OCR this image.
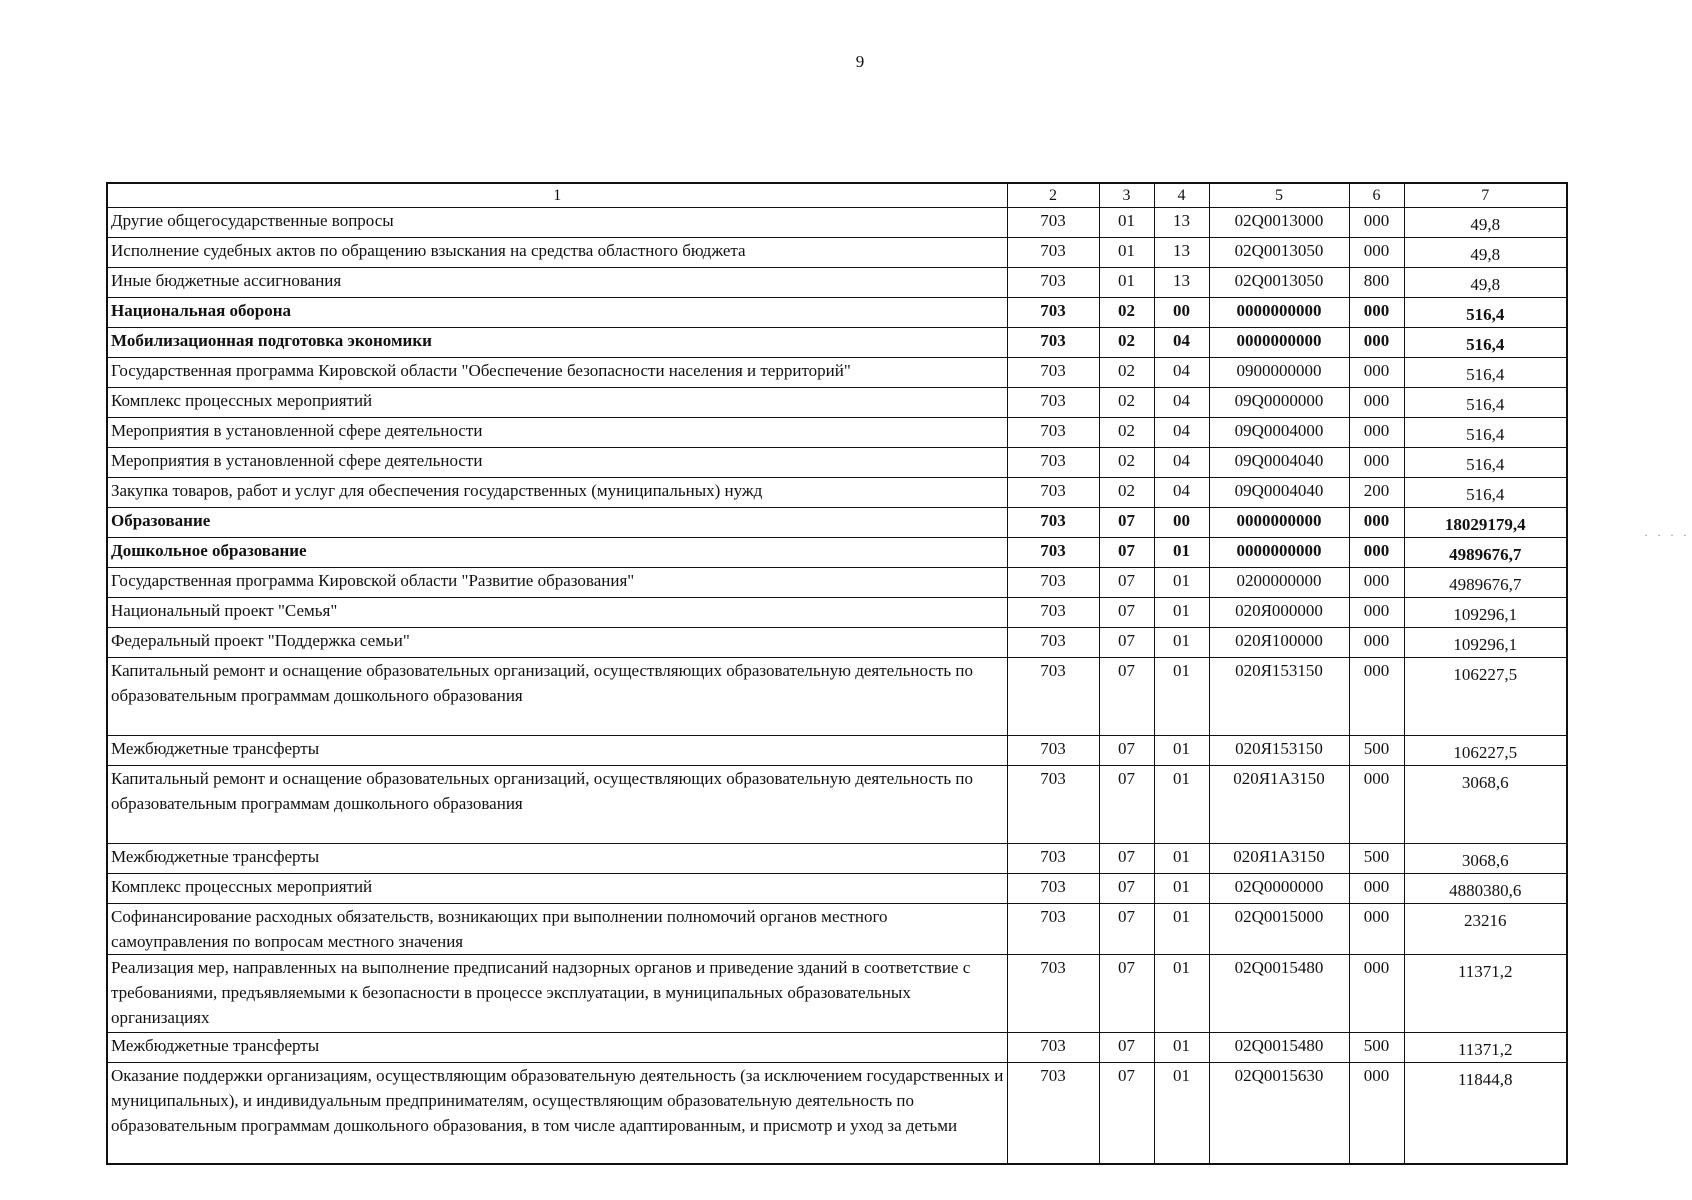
9
1	2	3	4	5	6	7
Другие общегосударственные вопросы	703	01	13	02Q0013000	000	49,8
Исполнение судебных актов по обращению взыскания на средства областного бюджета	703	01	13	02Q0013050	000	49,8
Иные бюджетные ассигнования	703	01	13	02Q0013050	800	49,8
Национальная оборона	703	02	00	0000000000	000	516,4
Мобилизационная подготовка экономики	703	02	04	0000000000	000	516,4
Государственная программа Кировской области "Обеспечение безопасности населения и территорий"	703	02	04	0900000000	000	516,4
Комплекс процессных мероприятий	703	02	04	09Q0000000	000	516,4
Мероприятия в установленной сфере деятельности	703	02	04	09Q0004000	000	516,4
Мероприятия в установленной сфере деятельности	703	02	04	09Q0004040	000	516,4
Закупка товаров, работ и услуг для обеспечения государственных (муниципальных) нужд	703	02	04	09Q0004040	200	516,4
Образование	703	07	00	0000000000	000	18029179,4
Дошкольное образование	703	07	01	0000000000	000	4989676,7
Государственная программа Кировской области "Развитие образования"	703	07	01	0200000000	000	4989676,7
Национальный проект "Семья"	703	07	01	020Я000000	000	109296,1
Федеральный проект "Поддержка семьи"	703	07	01	020Я100000	000	109296,1
Капитальный ремонт и оснащение образовательных организаций, осуществляющих образовательную деятельность по образовательным программам дошкольного образования	703	07	01	020Я153150	000	106227,5
Межбюджетные трансферты	703	07	01	020Я153150	500	106227,5
Капитальный ремонт и оснащение образовательных организаций, осуществляющих образовательную деятельность по образовательным программам дошкольного образования	703	07	01	020Я1А3150	000	3068,6
Межбюджетные трансферты	703	07	01	020Я1А3150	500	3068,6
Комплекс процессных мероприятий	703	07	01	02Q0000000	000	4880380,6
Софинансирование расходных обязательств, возникающих при выполнении полномочий органов местного самоуправления по вопросам местного значения	703	07	01	02Q0015000	000	23216
Реализация мер, направленных на выполнение предписаний надзорных органов и приведение зданий в соответствие с требованиями, предъявляемыми к безопасности в процессе эксплуатации, в муниципальных образовательных организациях	703	07	01	02Q0015480	000	11371,2
Межбюджетные трансферты	703	07	01	02Q0015480	500	11371,2
Оказание поддержки организациям, осуществляющим образовательную деятельность (за исключением государственных и муниципальных), и индивидуальным предпринимателям, осуществляющим образовательную деятельность по образовательным программам дошкольного образования, в том числе адаптированным, и присмотр и уход за детьми	703	07	01	02Q0015630	000	11844,8
· · · ·
